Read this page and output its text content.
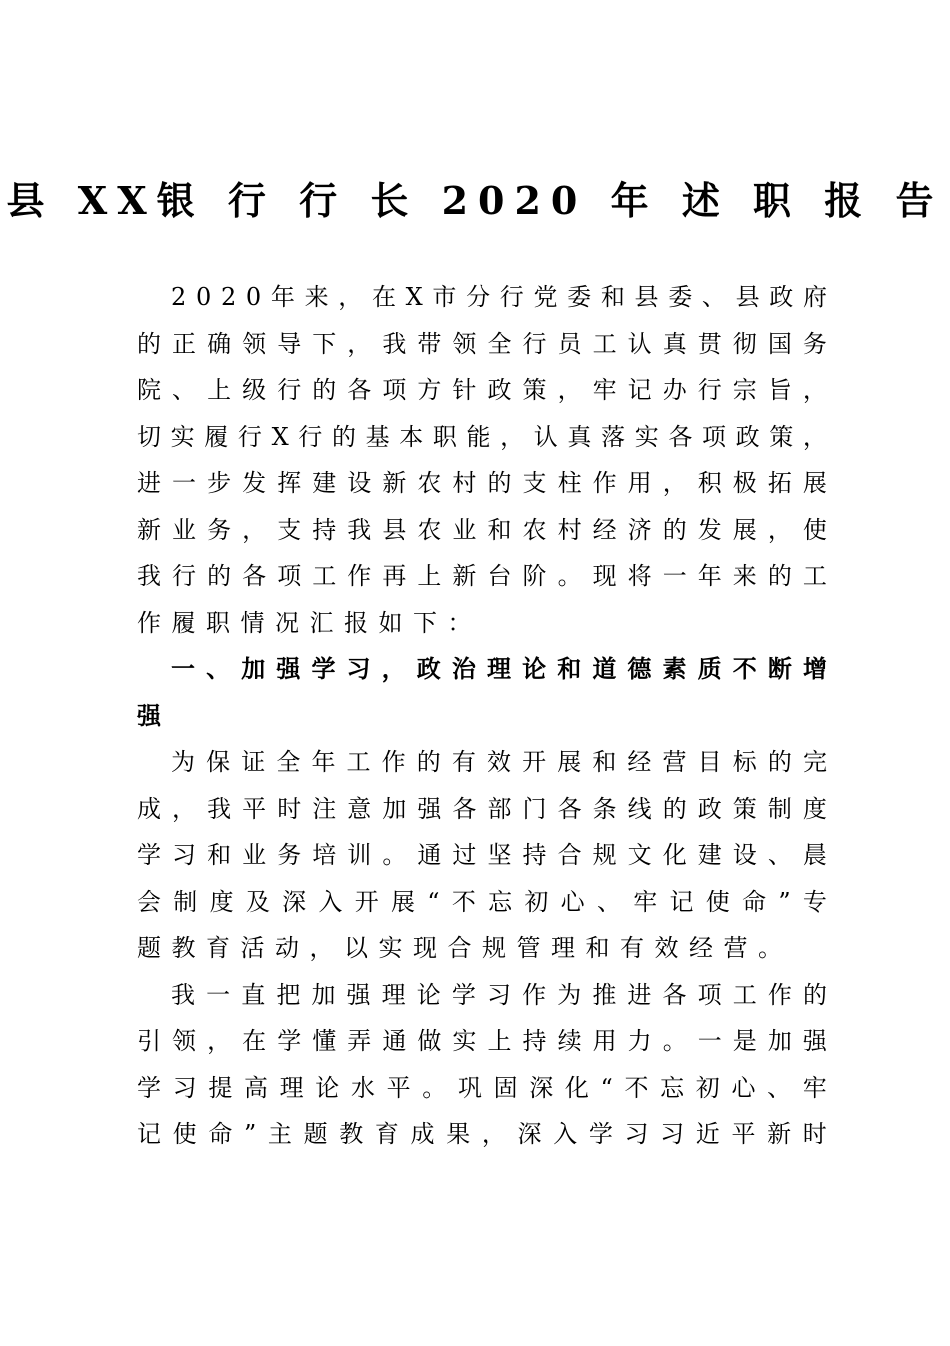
县 XX银 行 行 长 2020 年 述 职 报 告
2 0 2 0 年 来 ， 在 X 市 分 行 党 委 和 县 委 、 县 政 府
的 正 确 领 导 下 ， 我 带 领 全 行 员 工 认 真 贯 彻 国 务
院 、 上 级 行 的 各 项 方 针 政 策 ， 牢 记 办 行 宗 旨 ，
切 实 履 行 X 行 的 基 本 职 能 ， 认 真 落 实 各 项 政 策 ，
进 一 步 发 挥 建 设 新 农 村 的 支 柱 作 用 ， 积 极 拓 展
新 业 务 ， 支 持 我 县 农 业 和 农 村 经 济 的 发 展 ， 使
我 行 的 各 项 工 作 再 上 新 台 阶 。 现 将 一 年 来 的 工
作履职情况汇报如下：
一 、 加 强 学 习 ， 政 治 理 论 和 道 德 素 质 不 断 增
强
为 保 证 全 年 工 作 的 有 效 开 展 和 经 营 目 标 的 完
成 ， 我 平 时 注 意 加 强 各 部 门 各 条 线 的 政 策 制 度
学 习 和 业 务 培 训 。 通 过 坚 持 合 规 文 化 建 设 、 晨
会 制 度 及 深 入 开 展 “ 不 忘 初 心 、 牢 记 使 命 ” 专
题教育活动，以实现合规管理和有效经营。
我 一 直 把 加 强 理 论 学 习 作 为 推 进 各 项 工 作 的
引 领 ， 在 学 懂 弄 通 做 实 上 持 续 用 力 。 一 是 加 强
学 习 提 高 理 论 水 平 。 巩 固 深 化 “ 不 忘 初 心 、 牢
记 使 命 ” 主 题 教 育 成 果 ， 深 入 学 习 习 近 平 新 时
